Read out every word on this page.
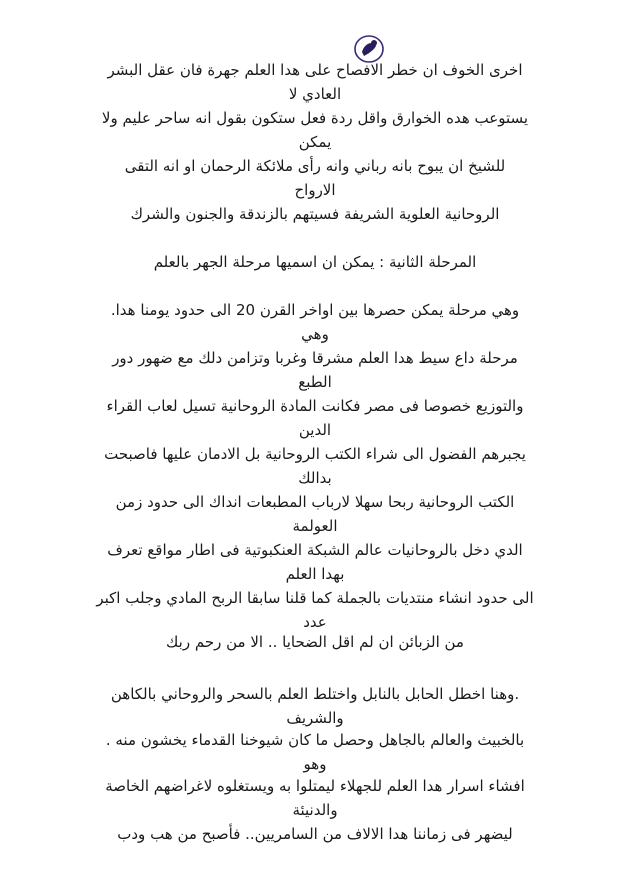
اخرى الخوف ان خطر الافصاح على هدا العلم جهرة فان عقل البشر
العادي لا
يستوعب هده الخوارق واقل ردة فعل ستكون بقول انه ساحر عليم ولا
يمكن
للشيخ ان يبوح بانه رباني وانه رأى ملائكة الرحمان او انه التقى
الارواح
الروحانية العلوية الشريفة فسيتهم بالزندقة والجنون والشرك
المرحلة الثانية : يمكن ان اسميها مرحلة الجهر بالعلم
وهي مرحلة يمكن حصرها بين اواخر القرن 20 الى حدود يومنا هدا.
وهي
مرحلة داع سيط هدا العلم مشرقا وغربا وتزامن دلك مع ضهور دور
الطبع
والتوزيع خصوصا فى مصر فكانت المادة الروحانية تسيل لعاب القراء
الدين
يجبرهم الفضول الى شراء الكتب الروحانية بل الادمان عليها فاصبحت
بدالك
الكتب الروحانية ربحا سهلا لارباب المطبعات انداك الى حدود زمن
العولمة
الدي دخل بالروحانيات عالم الشبكة العنكبوتية فى اطار مواقع تعرف
بهدا العلم
الى حدود انشاء منتديات بالجملة كما قلنا سابقا الربح المادي وجلب اكبر
عدد
من الزبائن ان لم اقل الضحايا .. الا من رحم ربك
.وهنا اخطل الحابل بالنابل واختلط العلم بالسحر والروحاني بالكاهن
والشريف
بالخبيث والعالم بالجاهل وحصل ما كان شيوخنا القدماء يخشون منه .
وهو
افشاء اسرار هدا العلم للجهلاء ليمتلوا به ويستغلوه لاغراضهم الخاصة
والدنيئة
ليضهر فى زماننا هدا الالاف من السامريين.. فأصبح من هب ودب
